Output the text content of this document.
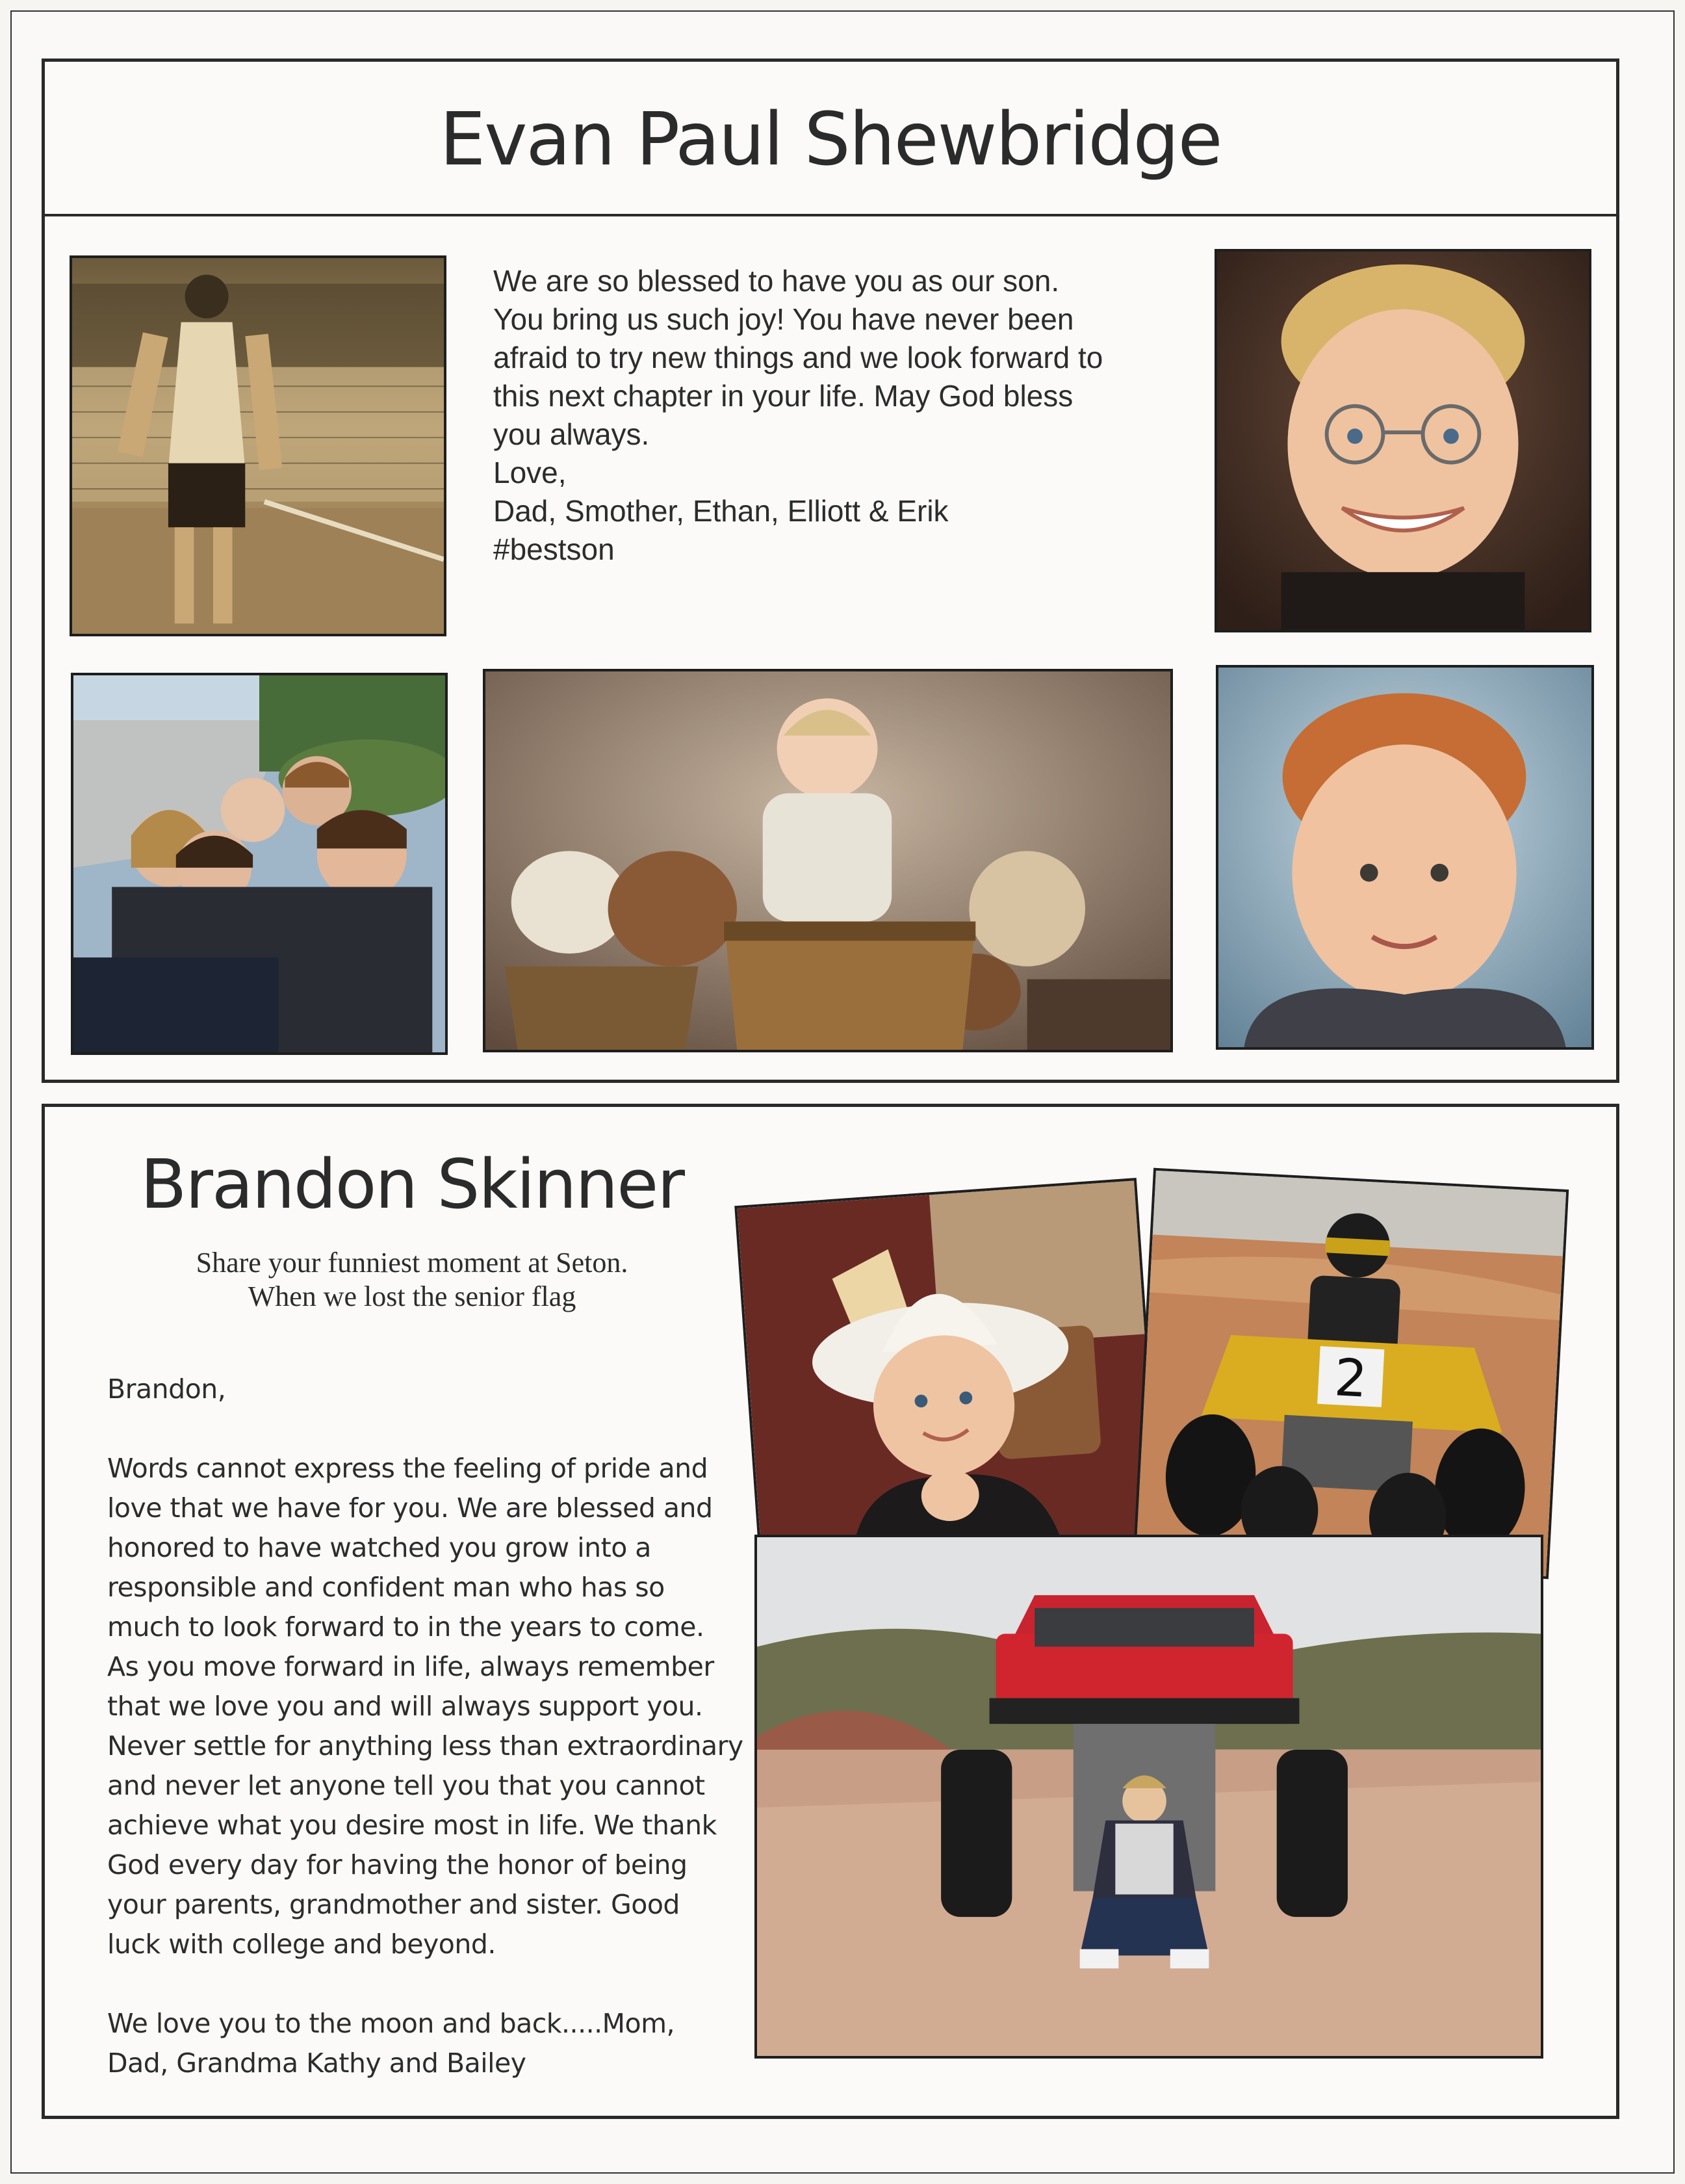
Evan Paul Shewbridge

We are so blessed to have you as our son.

You bring us such joy! You have never been

afraid to try new things and we look forward to

this next chapter in your life. May God bless

you always.

Love,

Dad, Smother, Ethan, Elliott & Erik

#bestson

Brandon Skinner
Share your funniest moment at Seton.
When we lost the senior flag

Brandon,

Words cannot express the feeling of pride and

love that we have for you. We are blessed and

honored to have watched you grow into a

responsible and confident man who has so

much to look forward to in the years to come.

As you move forward in life, always remember

that we love you and will always support you.

Never settle for anything less than extraordinary

and never let anyone tell you that you cannot

achieve what you desire most in life. We thank

God every day for having the honor of being

your parents, grandmother and sister. Good

luck with college and beyond.

We love you to the moon and back.....Mom,

Dad, Grandma Kathy and Bailey

2
